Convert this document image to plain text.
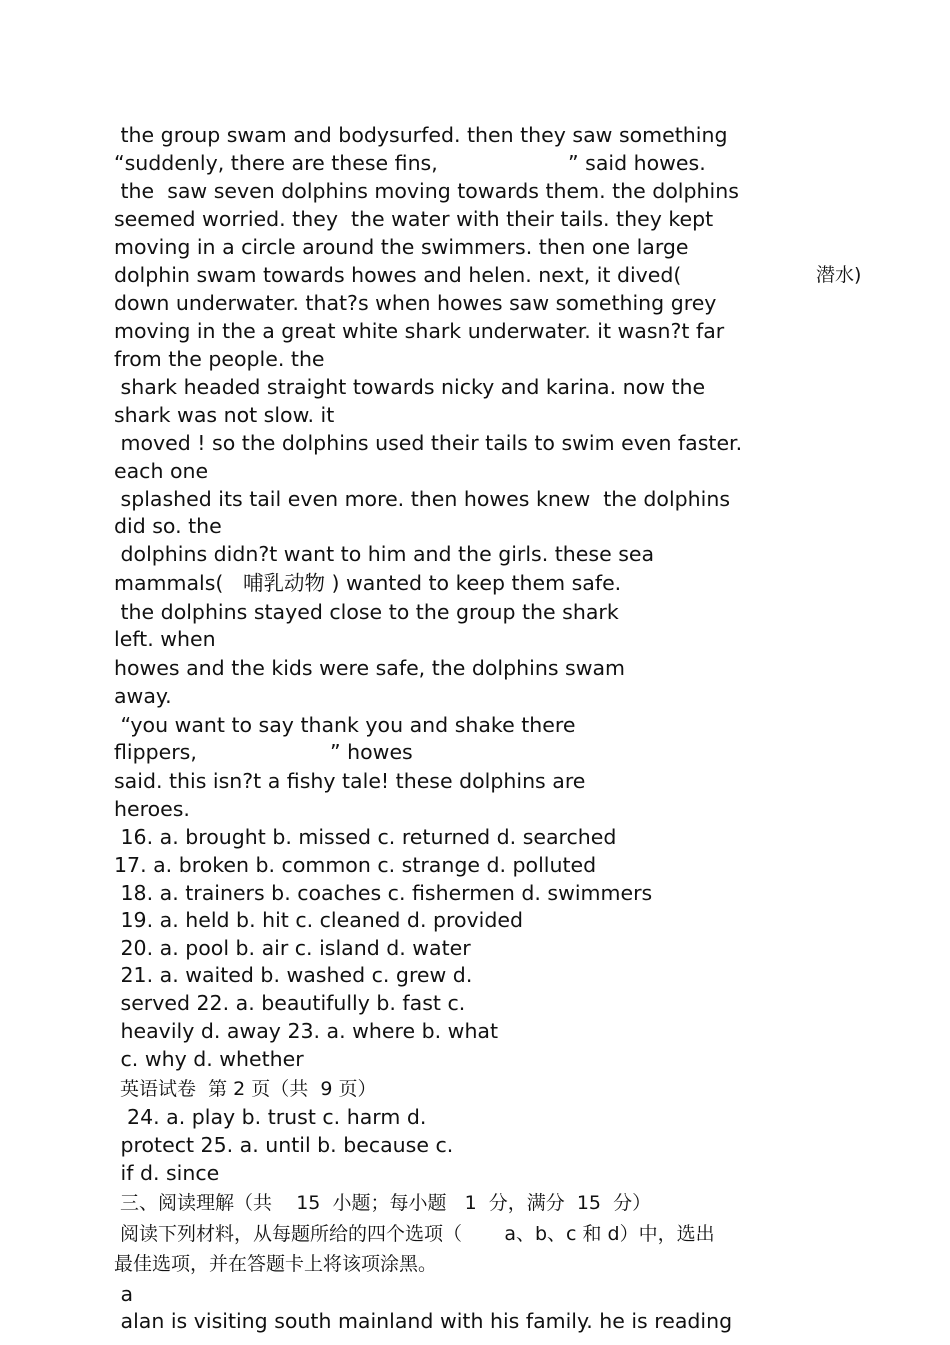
the group swam and bodysurfed. then they saw something
“suddenly, there are these fins,	” said howes.
the  saw seven dolphins moving towards them. the dolphins
seemed worried. they  the water with their tails. they kept
moving in a circle around the swimmers. then one large
dolphin swam towards howes and helen. next, it dived(	潜水)
down underwater. that?s when howes saw something grey
moving in the a great white shark underwater. it wasn?t far
from the people. the
shark headed straight towards nicky and karina. now the
shark was not slow. it
moved ! so the dolphins used their tails to swim even faster.
each one
splashed its tail even more. then howes knew  the dolphins
did so. the
dolphins didn?t want to him and the girls. these sea
mammals(   哺乳动物 ) wanted to keep them safe.
the dolphins stayed close to the group the shark
left. when
howes and the kids were safe, the dolphins swam
away.
“you want to say thank you and shake there
flippers,	” howes
said. this isn?t a fishy tale! these dolphins are
heroes.
16. a. brought b. missed c. returned d. searched
17. a. broken b. common c. strange d. polluted
18. a. trainers b. coaches c. fishermen d. swimmers
19. a. held b. hit c. cleaned d. provided
20. a. pool b. air c. island d. water
21. a. waited b. washed c. grew d.
served 22. a. beautifully b. fast c.
heavily d. away 23. a. where b. what
c. why d. whether
英语试卷  第 2 页（共  9 页）
24. a. play b. trust c. harm d.
protect 25. a. until b. because c.
if d. since
三、阅读理解（共    15  小题；每小题   1  分，满分  15  分）
阅读下列材料，从每题所给的四个选项（       a、b、c 和 d）中，选出
最佳选项，并在答题卡上将该项涂黑。
a
alan is visiting south mainland with his family. he is reading
